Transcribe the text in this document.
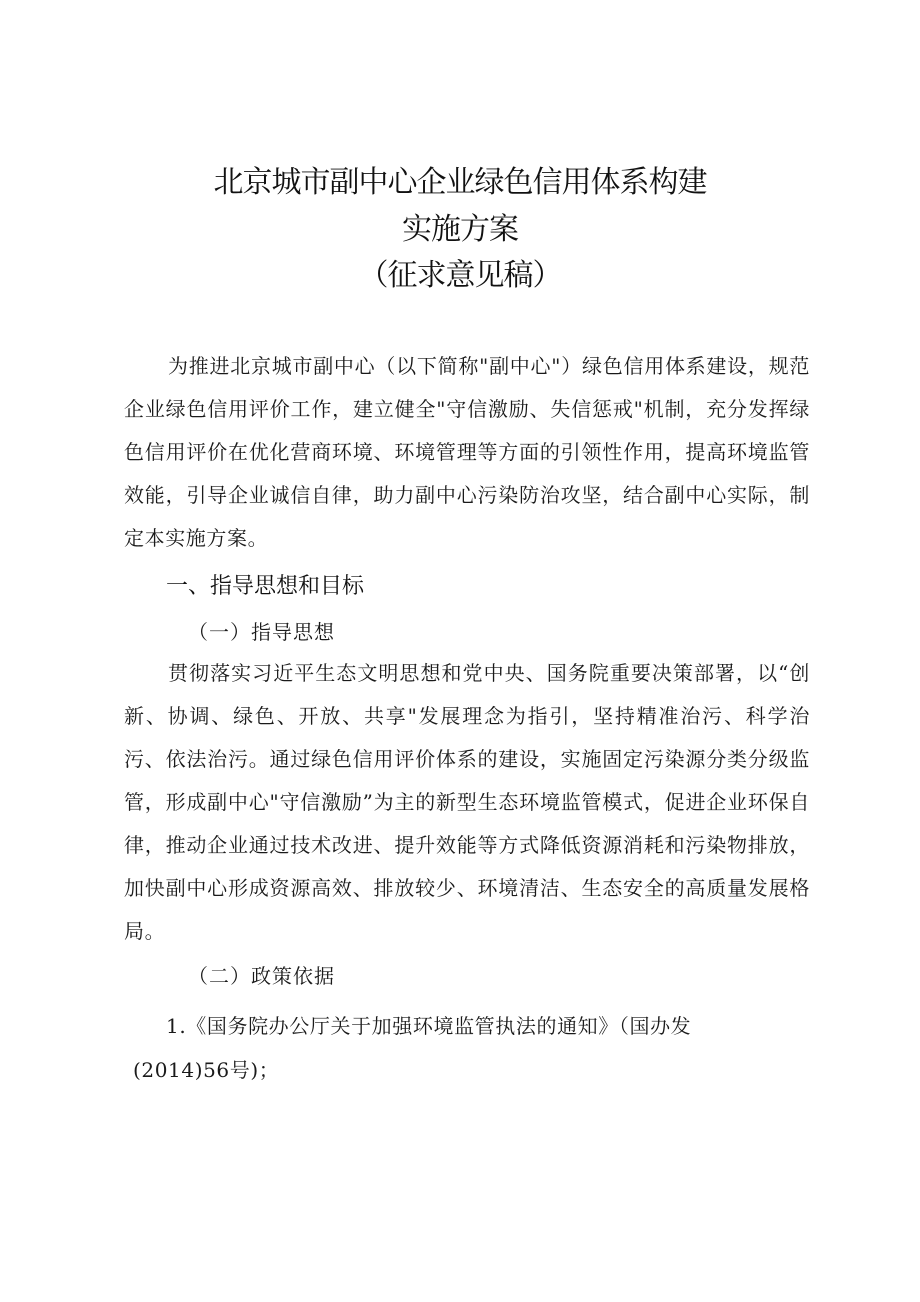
北京城市副中心企业绿色信用体系构建
实施方案
（征求意见稿）

为推进北京城市副中心（以下简称"副中心"）绿色信用体系建设，规范企业绿色信用评价工作，建立健全"守信激励、失信惩戒"机制，充分发挥绿色信用评价在优化营商环境、环境管理等方面的引领性作用，提高环境监管效能，引导企业诚信自律，助力副中心污染防治攻坚，结合副中心实际，制定本实施方案。

一、指导思想和目标
（一）指导思想

贯彻落实习近平生态文明思想和党中央、国务院重要决策部署，以“创新、协调、绿色、开放、共享"发展理念为指引，坚持精准治污、科学治污、依法治污。通过绿色信用评价体系的建设，实施固定污染源分类分级监管，形成副中心"守信激励”为主的新型生态环境监管模式，促进企业环保自律，推动企业通过技术改进、提升效能等方式降低资源消耗和污染物排放，加快副中心形成资源高效、排放较少、环境清洁、生态安全的高质量发展格局。

（二）政策依据
1.《国务院办公厅关于加强环境监管执法的通知》（国办发
(2014)56号)；
